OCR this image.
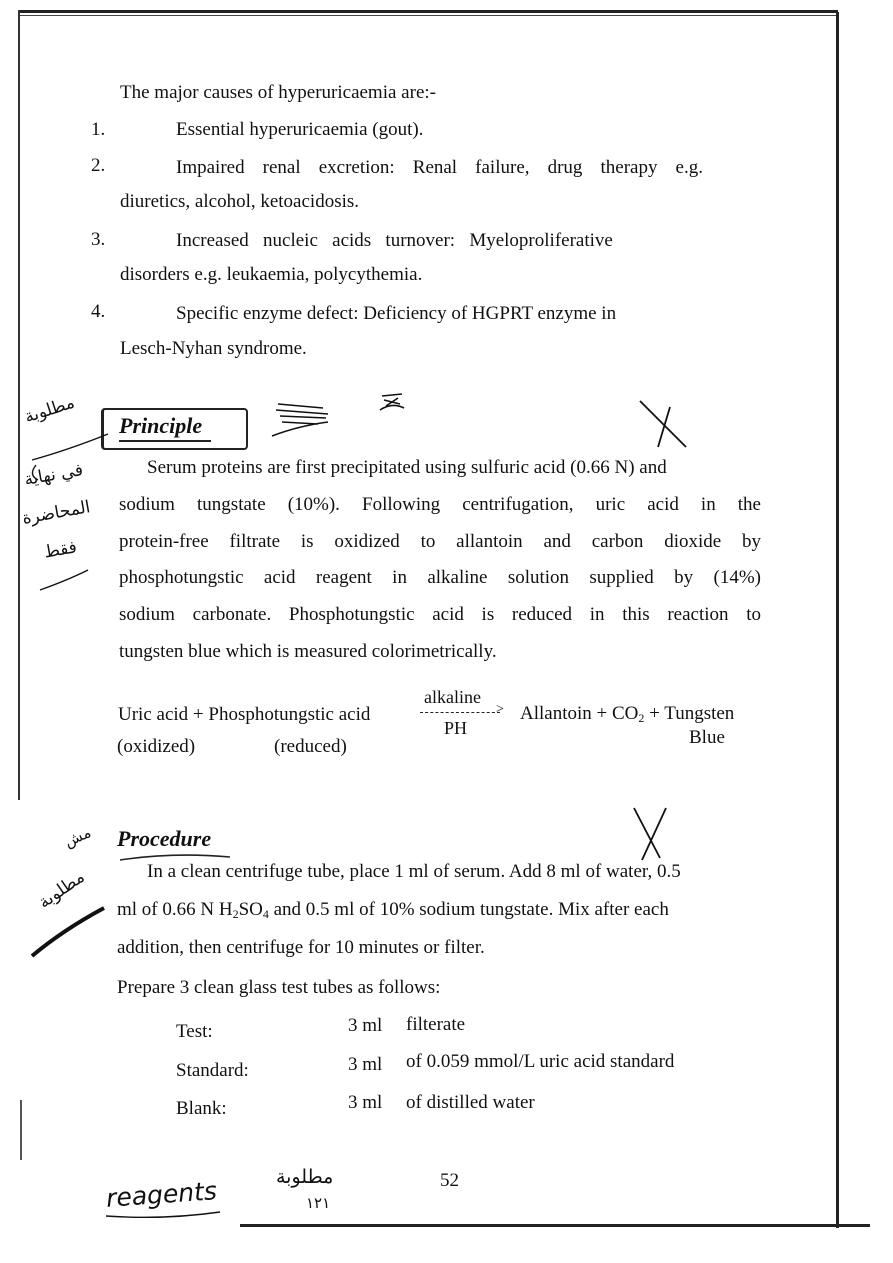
The major causes of hyperuricaemia are:-
1.	Essential hyperuricaemia (gout).
2.	Impaired renal excretion: Renal failure, drug therapy e.g.
diuretics, alcohol, ketoacidosis.
3.	Increased   nucleic   acids   turnover:   Myeloproliferative
disorders e.g. leukaemia, polycythemia.
4.	Specific enzyme defect: Deficiency of HGPRT enzyme in
Lesch-Nyhan syndrome.
Principle
Serum proteins are first precipitated using sulfuric acid (0.66 N) and
sodium tungstate (10%). Following centrifugation, uric acid in the
protein-free filtrate is oxidized to allantoin and carbon dioxide by
phosphotungstic acid reagent in alkaline solution supplied by (14%)
sodium carbonate. Phosphotungstic acid is reduced in this reaction to
tungsten blue which is measured colorimetrically.
Uric acid + Phosphotungstic acid
alkaline
>
PH
Allantoin + $CO_2$ + Tungsten
Blue
(oxidized)	(reduced)
Procedure
In a clean centrifuge tube, place 1 ml of serum. Add 8 ml of water, 0.5
ml of 0.66 N $H_2SO_4$ and 0.5 ml of 10% sodium tungstate. Mix after each
addition, then centrifuge for 10 minutes or filter.
Prepare 3 clean glass test tubes as follows:
Test:	3 ml filterate
Standard:	3 ml of 0.059 mmol/L uric acid standard
Blank:	3 ml of distilled water
52
مطلوبة
في نهاية
المحاضرة
فقط
مش
مطلوبة
reagents	مطلوبة
١٢١
